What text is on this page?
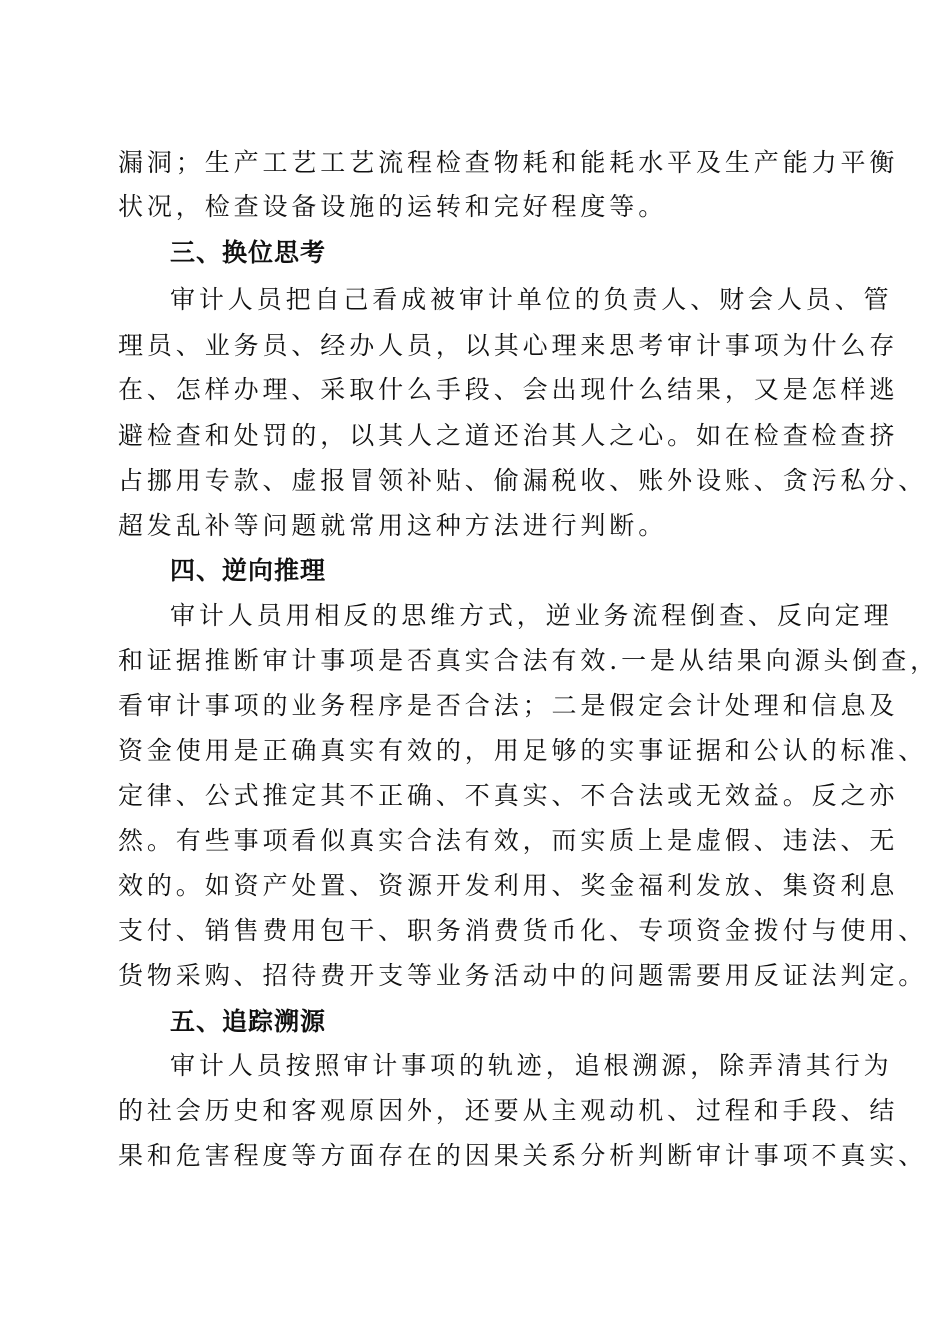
漏洞；生产工艺工艺流程检查物耗和能耗水平及生产能力平衡
状况，检查设备设施的运转和完好程度等。
三、换位思考
审计人员把自己看成被审计单位的负责人、财会人员、管
理员、业务员、经办人员，以其心理来思考审计事项为什么存
在、怎样办理、采取什么手段、会出现什么结果，又是怎样逃
避检查和处罚的，以其人之道还治其人之心。如在检查检查挤
占挪用专款、虚报冒领补贴、偷漏税收、账外设账、贪污私分、
超发乱补等问题就常用这种方法进行判断。
四、逆向推理
审计人员用相反的思维方式，逆业务流程倒查、反向定理
和证据推断审计事项是否真实合法有效.一是从结果向源头倒查，
看审计事项的业务程序是否合法；二是假定会计处理和信息及
资金使用是正确真实有效的，用足够的实事证据和公认的标准、
定律、公式推定其不正确、不真实、不合法或无效益。反之亦
然。有些事项看似真实合法有效，而实质上是虚假、违法、无
效的。如资产处置、资源开发利用、奖金福利发放、集资利息
支付、销售费用包干、职务消费货币化、专项资金拨付与使用、
货物采购、招待费开支等业务活动中的问题需要用反证法判定。
五、追踪溯源
审计人员按照审计事项的轨迹，追根溯源，除弄清其行为
的社会历史和客观原因外，还要从主观动机、过程和手段、结
果和危害程度等方面存在的因果关系分析判断审计事项不真实、
